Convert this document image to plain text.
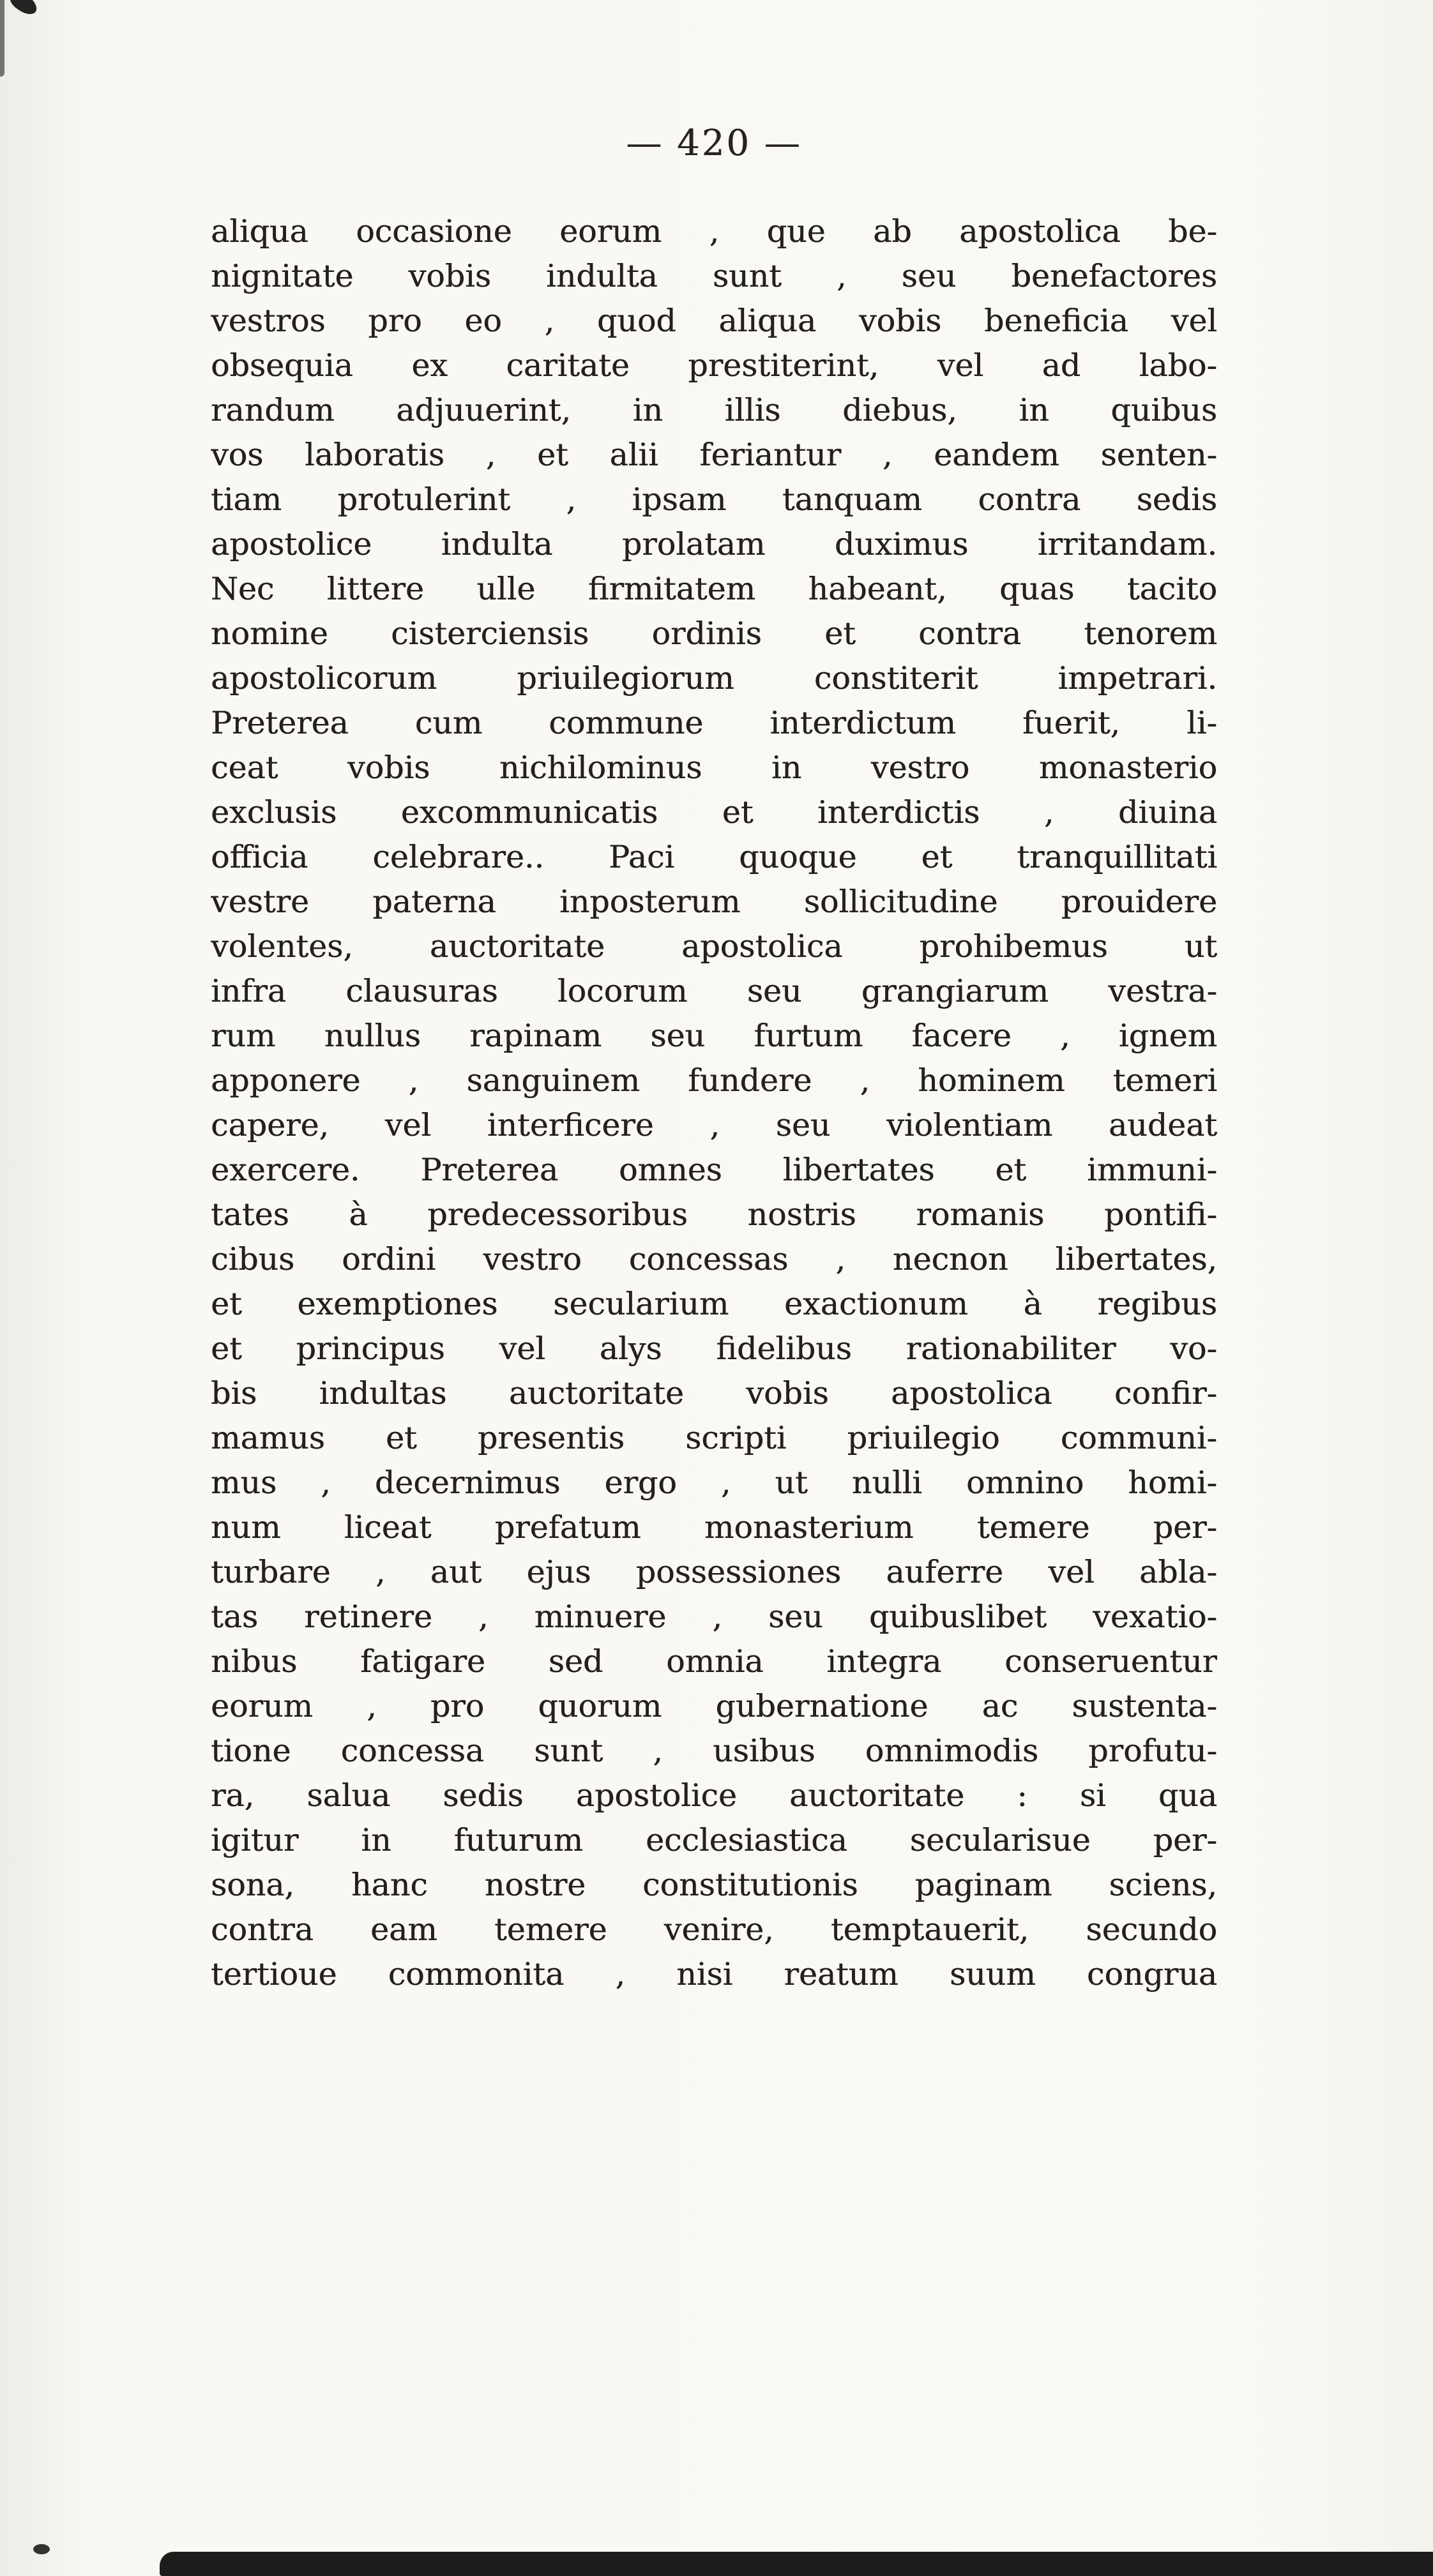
— 420 —
aliqua occasione eorum , que ab apostolica be-
nignitate vobis indulta sunt , seu benefactores
vestros pro eo , quod aliqua vobis beneficia vel
obsequia ex caritate prestiterint, vel ad labo-
randum adjuuerint, in illis diebus, in quibus
vos laboratis , et alii feriantur , eandem senten-
tiam protulerint , ipsam tanquam contra sedis
apostolice indulta prolatam duximus irritandam.
Nec littere ulle firmitatem habeant, quas tacito
nomine cisterciensis ordinis et contra tenorem
apostolicorum priuilegiorum constiterit impetrari.
Preterea cum commune interdictum fuerit, li-
ceat vobis nichilominus in vestro monasterio
exclusis excommunicatis et interdictis , diuina
officia celebrare.. Paci quoque et tranquillitati
vestre paterna inposterum sollicitudine prouidere
volentes, auctoritate apostolica prohibemus ut
infra clausuras locorum seu grangiarum vestra-
rum nullus rapinam seu furtum facere , ignem
apponere , sanguinem fundere , hominem temeri
capere, vel interficere , seu violentiam audeat
exercere. Preterea omnes libertates et immuni-
tates à predecessoribus nostris romanis pontifi-
cibus ordini vestro concessas , necnon libertates,
et exemptiones secularium exactionum à regibus
et principus vel alys fidelibus rationabiliter vo-
bis indultas auctoritate vobis apostolica confir-
mamus et presentis scripti priuilegio communi-
mus , decernimus ergo , ut nulli omnino homi-
num liceat prefatum monasterium temere per-
turbare , aut ejus possessiones auferre vel abla-
tas retinere , minuere , seu quibuslibet vexatio-
nibus fatigare sed omnia integra conseruentur
eorum , pro quorum gubernatione ac sustenta-
tione concessa sunt , usibus omnimodis profutu-
ra, salua sedis apostolice auctoritate : si qua
igitur in futurum ecclesiastica secularisue per-
sona, hanc nostre constitutionis paginam sciens,
contra eam temere venire, temptauerit, secundo
tertioue commonita , nisi reatum suum congrua
